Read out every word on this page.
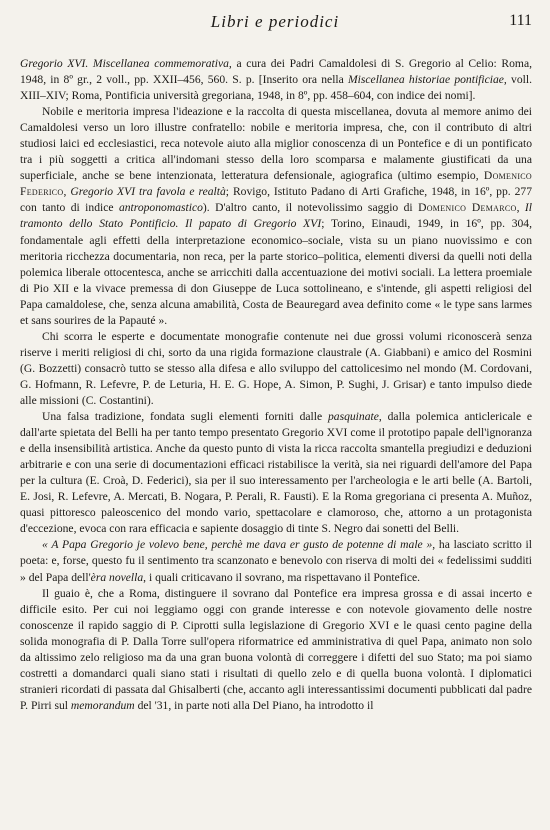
Libri e periodici	111

Gregorio XVI. Miscellanea commemorativa, a cura dei Padri Camaldolesi di S. Gregorio al Celio: Roma, 1948, in 8º gr., 2 voll., pp. XXII–456, 560. S. p. [Inserito ora nella Miscellanea historiae pontificiae, voll. XIII–XIV; Roma, Pontificia università gregoriana, 1948, in 8º, pp. 458–604, con indice dei nomi].

Nobile e meritoria impresa l'ideazione e la raccolta di questa miscellanea, dovuta al memore animo dei Camaldolesi verso un loro illustre confratello: nobile e meritoria impresa, che, con il contributo di altri studiosi laici ed ecclesiastici, reca notevole aiuto alla miglior conoscenza di un Pontefice e di un pontificato tra i più soggetti a critica all'indomani stesso della loro scomparsa e malamente giustificati da una superficiale, anche se bene intenzionata, letteratura defensionale, agiografica (ultimo esempio, Domenico Federico, Gregorio XVI tra favola e realtà; Rovigo, Istituto Padano di Arti Grafiche, 1948, in 16º, pp. 277 con tanto di indice antroponomastico). D'altro canto, il notevolissimo saggio di Domenico Demarco, Il tramonto dello Stato Pontificio. Il papato di Gregorio XVI; Torino, Einaudi, 1949, in 16º, pp. 304, fondamentale agli effetti della interpretazione economico–sociale, vista su un piano nuovissimo e con meritoria ricchezza documentaria, non reca, per la parte storico–politica, elementi diversi da quelli noti della polemica liberale ottocentesca, anche se arricchiti dalla accentuazione dei motivi sociali. La lettera proemiale di Pio XII e la vivace premessa di don Giuseppe de Luca sottolineano, e s'intende, gli aspetti religiosi del Papa camaldolese, che, senza alcuna amabilità, Costa de Beauregard avea definito come « le type sans larmes et sans sourires de la Papauté ».

Chi scorra le esperte e documentate monografie contenute nei due grossi volumi riconoscerà senza riserve i meriti religiosi di chi, sorto da una rigida formazione claustrale (A. Giabbani) e amico del Rosmini (G. Bozzetti) consacrò tutto se stesso alla difesa e allo sviluppo del cattolicesimo nel mondo (M. Cordovani, G. Hofmann, R. Lefevre, P. de Leturia, H. E. G. Hope, A. Simon, P. Sughi, J. Grisar) e tanto impulso diede alle missioni (C. Costantini).

Una falsa tradizione, fondata sugli elementi forniti dalle pasquinate, dalla polemica anticlericale e dall'arte spietata del Belli ha per tanto tempo presentato Gregorio XVI come il prototipo papale dell'ignoranza e della insensibilità artistica. Anche da questo punto di vista la ricca raccolta smantella pregiudizi e deduzioni arbitrarie e con una serie di documentazioni efficaci ristabilisce la verità, sia nei riguardi dell'amore del Papa per la cultura (E. Croà, D. Federici), sia per il suo interessamento per l'archeologia e le arti belle (A. Bartoli, E. Josi, R. Lefevre, A. Mercati, B. Nogara, P. Perali, R. Fausti). E la Roma gregoriana ci presenta A. Muñoz, quasi pittoresco paleoscenico del mondo vario, spettacolare e clamoroso, che, attorno a un protagonista d'eccezione, evoca con rara efficacia e sapiente dosaggio di tinte S. Negro dai sonetti del Belli.

« A Papa Gregorio je volevo bene, perchè me dava er gusto de potenne di male », ha lasciato scritto il poeta: e, forse, questo fu il sentimento tra scanzonato e benevolo con riserva di molti dei « fedelissimi sudditi » del Papa dell'èra novella, i quali criticavano il sovrano, ma rispettavano il Pontefice.

Il guaio è, che a Roma, distinguere il sovrano dal Pontefice era impresa grossa e di assai incerto e difficile esito. Per cui noi leggiamo oggi con grande interesse e con notevole giovamento delle nostre conoscenze il rapido saggio di P. Ciprotti sulla legislazione di Gregorio XVI e le quasi cento pagine della solida monografia di P. Dalla Torre sull'opera riformatrice ed amministrativa di quel Papa, animato non solo da altissimo zelo religioso ma da una gran buona volontà di correggere i difetti del suo Stato; ma poi siamo costretti a domandarci quali siano stati i risultati di quello zelo e di quella buona volontà. I diplomatici stranieri ricordati di passata dal Ghisalberti (che, accanto agli interessantissimi documenti pubblicati dal padre P. Pirri sul memorandum del '31, in parte noti alla Del Piano, ha introdotto il
